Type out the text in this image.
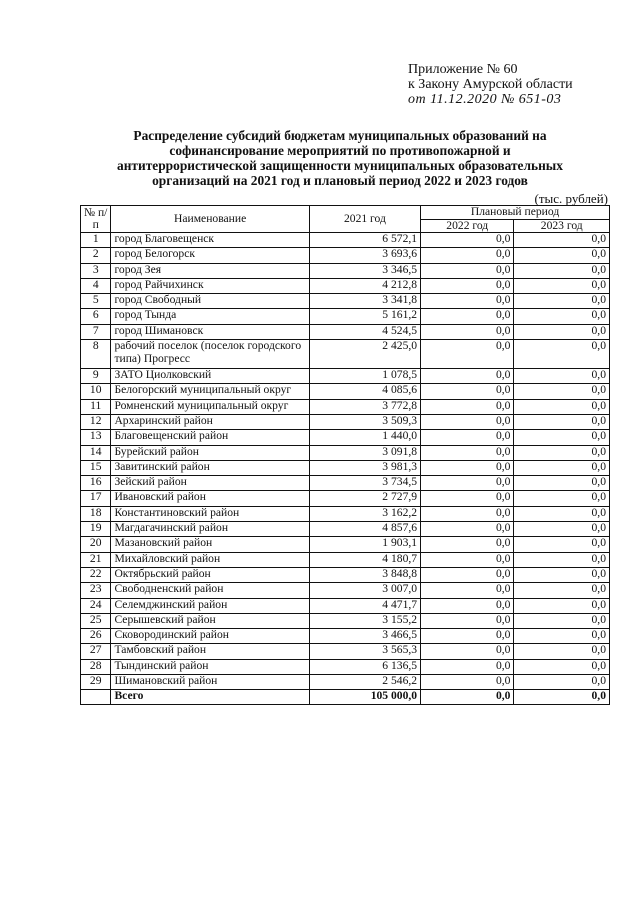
Приложение № 60
к Закону Амурской области
от 11.12.2020 № 651-03
Распределение субсидий бюджетам муниципальных образований на
софинансирование мероприятий по противопожарной и
антитеррористической защищенности муниципальных образовательных
организаций на 2021 год и плановый период 2022 и 2023 годов
(тыс. рублей)
№ п/п	Наименование	2021 год	Плановый период	
			2022 год	2023 год
1	город Благовещенск	6 572,1	0,0	0,0
2	город Белогорск	3 693,6	0,0	0,0
3	город Зея	3 346,5	0,0	0,0
4	город Райчихинск	4 212,8	0,0	0,0
5	город Свободный	3 341,8	0,0	0,0
6	город Тында	5 161,2	0,0	0,0
7	город Шимановск	4 524,5	0,0	0,0
8	рабочий поселок (поселок городского типа) Прогресс	2 425,0	0,0	0,0
9	ЗАТО Циолковский	1 078,5	0,0	0,0
10	Белогорский муниципальный округ	4 085,6	0,0	0,0
11	Ромненский муниципальный округ	3 772,8	0,0	0,0
12	Архаринский район	3 509,3	0,0	0,0
13	Благовещенский район	1 440,0	0,0	0,0
14	Бурейский район	3 091,8	0,0	0,0
15	Завитинский район	3 981,3	0,0	0,0
16	Зейский район	3 734,5	0,0	0,0
17	Ивановский район	2 727,9	0,0	0,0
18	Константиновский район	3 162,2	0,0	0,0
19	Магдагачинский район	4 857,6	0,0	0,0
20	Мазановский район	1 903,1	0,0	0,0
21	Михайловский район	4 180,7	0,0	0,0
22	Октябрьский район	3 848,8	0,0	0,0
23	Свободненский район	3 007,0	0,0	0,0
24	Селемджинский район	4 471,7	0,0	0,0
25	Серышевский район	3 155,2	0,0	0,0
26	Сковородинский район	3 466,5	0,0	0,0
27	Тамбовский район	3 565,3	0,0	0,0
28	Тындинский район	6 136,5	0,0	0,0
29	Шимановский район	2 546,2	0,0	0,0
	Всего	105 000,0	0,0	0,0
